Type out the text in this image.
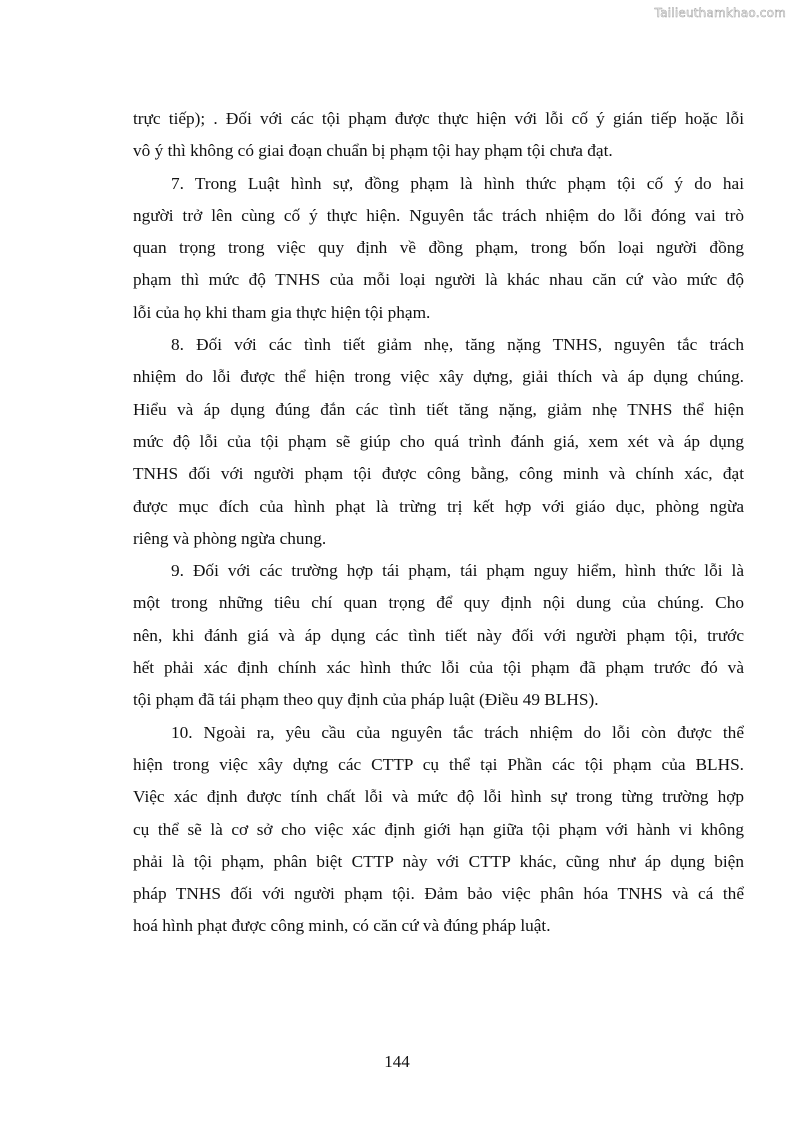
Tailieuthamkhao.com
trực tiếp); . Đối với các tội phạm được thực hiện với lỗi cố ý gián tiếp hoặc lỗi
vô ý thì không có giai đoạn chuẩn bị phạm tội hay phạm tội chưa đạt.
7. Trong Luật hình sự, đồng phạm là hình thức phạm tội cố ý do hai
người trở lên cùng cố ý thực hiện. Nguyên tắc trách nhiệm do lỗi đóng vai trò
quan trọng trong việc quy định về đồng phạm, trong bốn loại người đồng
phạm thì mức độ TNHS của mỗi loại người là khác nhau căn cứ vào mức độ
lỗi của họ khi tham gia thực hiện tội phạm.
8. Đối với các tình tiết giảm nhẹ, tăng nặng TNHS, nguyên tắc trách
nhiệm do lỗi được thể hiện trong việc xây dựng, giải thích và áp dụng chúng.
Hiểu và áp dụng đúng đắn các tình tiết tăng nặng, giảm nhẹ TNHS thể hiện
mức độ lỗi của tội phạm sẽ giúp cho quá trình đánh giá, xem xét và áp dụng
TNHS đối với người phạm tội được công bằng, công minh và chính xác, đạt
được mục đích của hình phạt là trừng trị kết hợp với giáo dục, phòng ngừa
riêng và phòng ngừa chung.
9. Đối với các trường hợp tái phạm, tái phạm nguy hiểm, hình thức lỗi là
một trong những tiêu chí quan trọng để quy định nội dung của chúng. Cho
nên, khi đánh giá và áp dụng các tình tiết này đối với người phạm tội, trước
hết phải xác định chính xác hình thức lỗi của tội phạm đã phạm trước đó và
tội phạm đã tái phạm theo quy định của pháp luật (Điều 49 BLHS).
10. Ngoài ra, yêu cầu của nguyên tắc trách nhiệm do lỗi còn được thể
hiện trong việc xây dựng các CTTP cụ thể tại Phần các tội phạm của BLHS.
Việc xác định được tính chất lỗi và mức độ lỗi hình sự trong từng trường hợp
cụ thể sẽ là cơ sở cho việc xác định giới hạn giữa tội phạm với hành vi không
phải là tội phạm, phân biệt CTTP này với CTTP khác, cũng như áp dụng biện
pháp TNHS đối với người phạm tội. Đảm bảo việc phân hóa TNHS và cá thể
hoá hình phạt được công minh, có căn cứ và đúng pháp luật.
144
